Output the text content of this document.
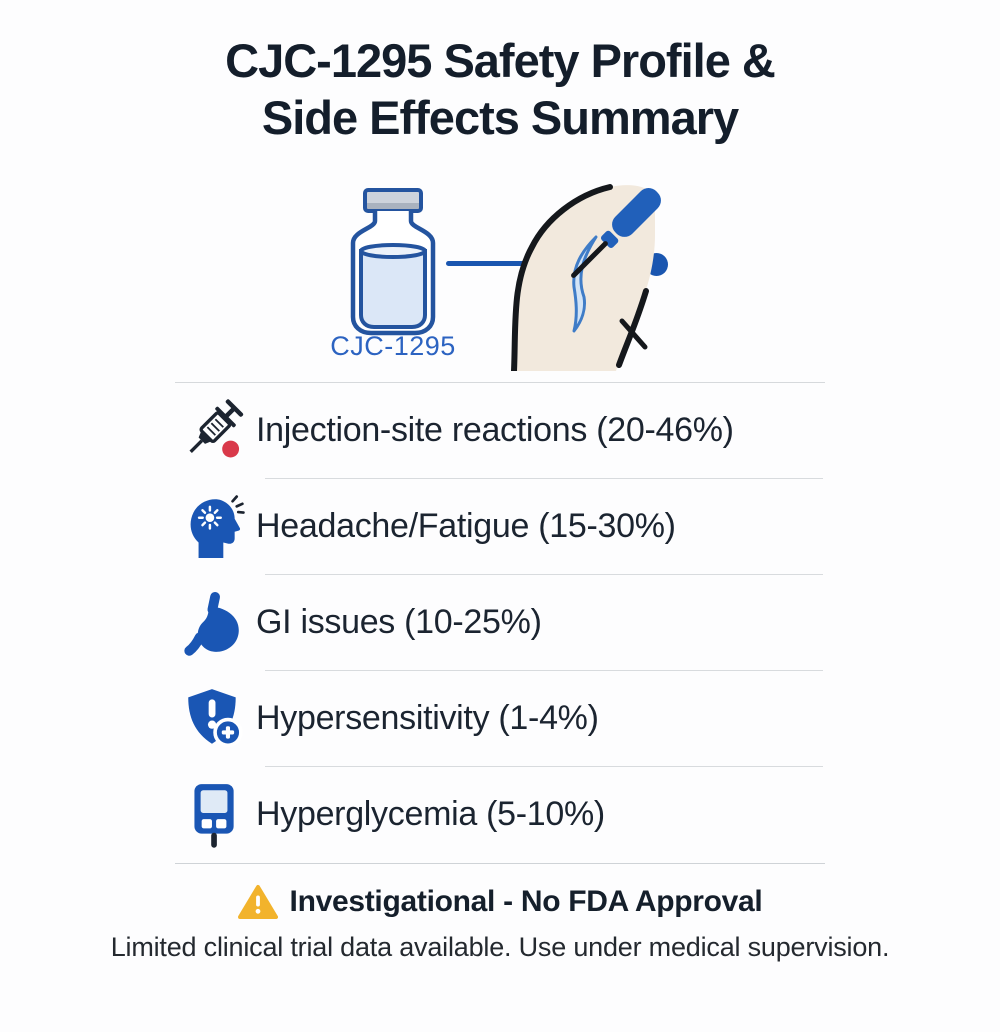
CJC-1295 Safety Profile &
Side Effects Summary
CJC-1295
Injection-site reactions (20-46%)
Headache/Fatigue (15-30%)
GI issues (10-25%)
Hypersensitivity (1-4%)
Hyperglycemia (5-10%)
Investigational - No FDA Approval
Limited clinical trial data available. Use under medical supervision.
